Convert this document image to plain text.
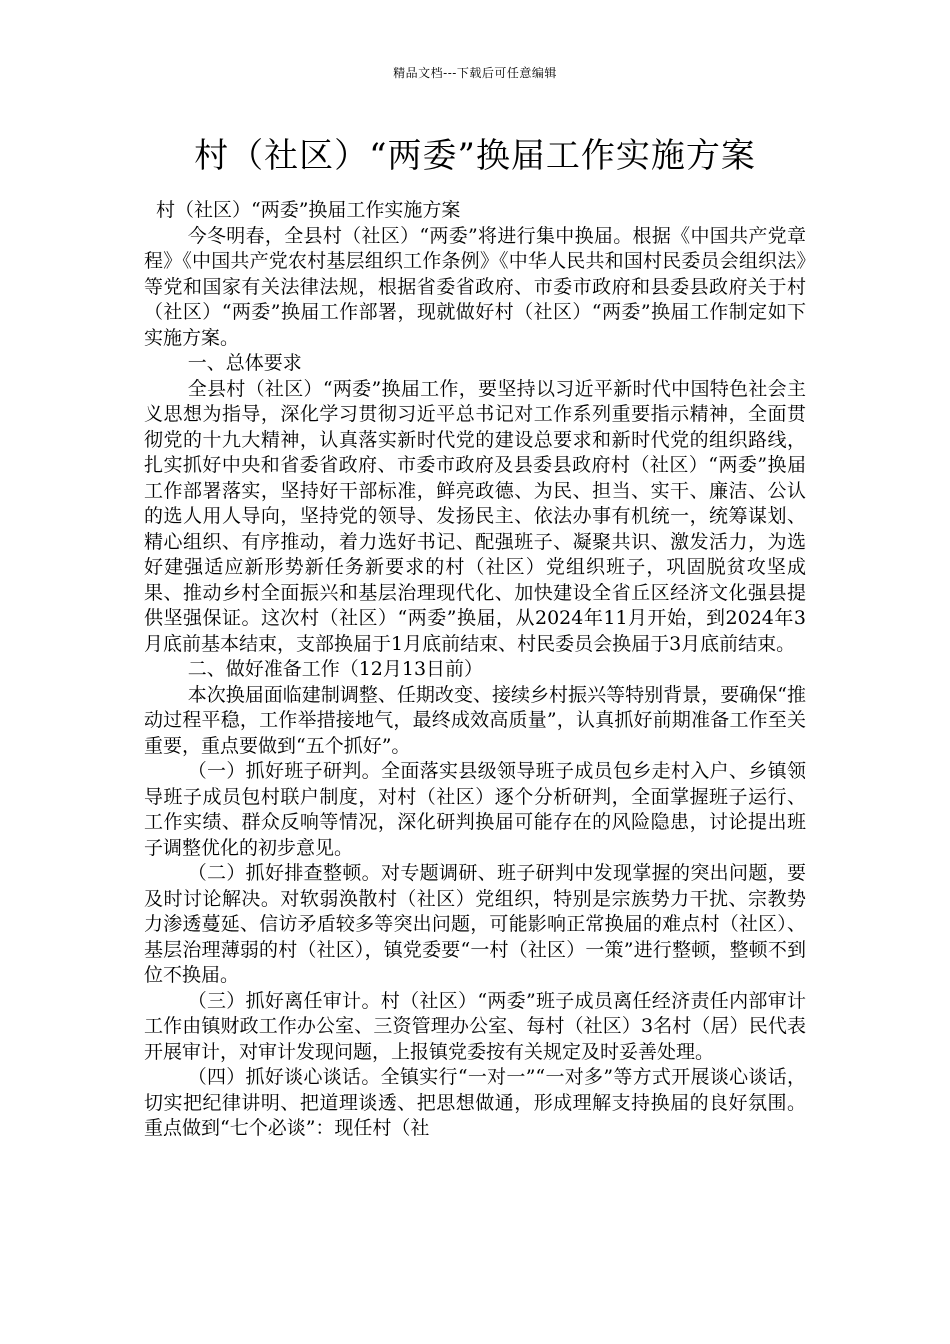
精品文档---下载后可任意编辑
村（社区）“两委”换届工作实施方案

村（社区）“两委”换届工作实施方案

今冬明春，全县村（社区）“两委”将进行集中换届。根据《中国共产党章程》《中国共产党农村基层组织工作条例》《中华人民共和国村民委员会组织法》等党和国家有关法律法规，根据省委省政府、市委市政府和县委县政府关于村（社区）“两委”换届工作部署，现就做好村（社区）“两委”换届工作制定如下实施方案。

一、总体要求

全县村（社区）“两委”换届工作，要坚持以习近平新时代中国特色社会主义思想为指导，深化学习贯彻习近平总书记对工作系列重要指示精神，全面贯彻党的十九大精神，认真落实新时代党的建设总要求和新时代党的组织路线，扎实抓好中央和省委省政府、市委市政府及县委县政府村（社区）“两委”换届工作部署落实，坚持好干部标准，鲜亮政德、为民、担当、实干、廉洁、公认的选人用人导向，坚持党的领导、发扬民主、依法办事有机统一，统筹谋划、精心组织、有序推动，着力选好书记、配强班子、凝聚共识、激发活力，为选好建强适应新形势新任务新要求的村（社区）党组织班子，巩固脱贫攻坚成果、推动乡村全面振兴和基层治理现代化、加快建设全省丘区经济文化强县提供坚强保证。这次村（社区）“两委”换届，从2024年11月开始，到2024年3月底前基本结束，支部换届于1月底前结束、村民委员会换届于3月底前结束。

二、做好准备工作（12月13日前）

本次换届面临建制调整、任期改变、接续乡村振兴等特别背景，要确保“推动过程平稳，工作举措接地气，最终成效高质量”，认真抓好前期准备工作至关重要，重点要做到“五个抓好”。

（一）抓好班子研判。全面落实县级领导班子成员包乡走村入户、乡镇领导班子成员包村联户制度，对村（社区）逐个分析研判，全面掌握班子运行、工作实绩、群众反响等情况，深化研判换届可能存在的风险隐患，讨论提出班子调整优化的初步意见。

（二）抓好排查整顿。对专题调研、班子研判中发现掌握的突出问题，要及时讨论解决。对软弱涣散村（社区）党组织，特别是宗族势力干扰、宗教势力渗透蔓延、信访矛盾较多等突出问题，可能影响正常换届的难点村（社区）、基层治理薄弱的村（社区），镇党委要“一村（社区）一策”进行整顿，整顿不到位不换届。

（三）抓好离任审计。村（社区）“两委”班子成员离任经济责任内部审计工作由镇财政工作办公室、三资管理办公室、每村（社区）3名村（居）民代表开展审计，对审计发现问题，上报镇党委按有关规定及时妥善处理。

（四）抓好谈心谈话。全镇实行“一对一”“一对多”等方式开展谈心谈话，切实把纪律讲明、把道理谈透、把思想做通，形成理解支持换届的良好氛围。重点做到“七个必谈”：现任村（社
